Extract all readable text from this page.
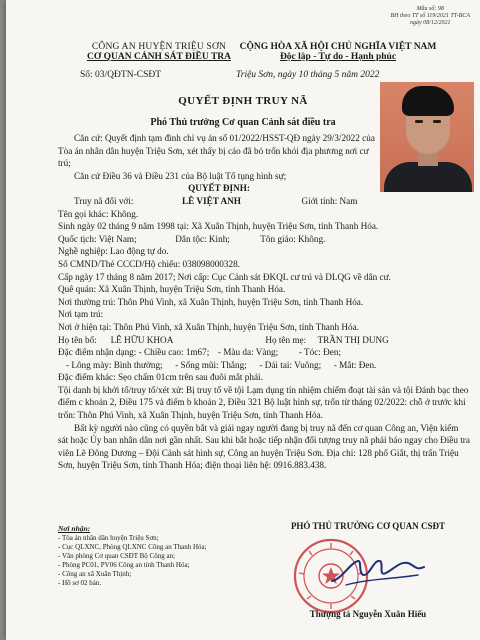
Mẫu số: 98
BH theo TT số 119/2021 TT-BCA
ngày 08/12/2021
CÔNG AN HUYỆN TRIỆU SƠN
CƠ QUAN CẢNH SÁT ĐIỀU TRA
Số: 03/QĐTN-CSĐT
CỘNG HÒA XÃ HỘI CHỦ NGHĨA VIỆT NAM
Độc lập - Tự do - Hạnh phúc
Triệu Sơn, ngày 10 tháng 5 năm 2022
QUYẾT ĐỊNH TRUY NÃ
Phó Thủ trưởng Cơ quan Cảnh sát điều tra

Căn cứ: Quyết định tạm đình chỉ vụ án số 01/2022/HSST-QĐ ngày 29/3/2022 của Tòa án nhân dân huyện Triệu Sơn, xét thấy bị cáo đã bỏ trốn khỏi địa phương nơi cư trú;

Căn cứ Điều 36 và Điều 231 của Bộ luật Tố tụng hình sự;

QUYẾT ĐỊNH:

Truy nã đối với:	LÊ VIỆT ANH	Giới tính: Nam

Tên gọi khác: Không.

Sinh ngày 02 tháng 9 năm 1998 tại: Xã Xuân Thịnh, huyện Triệu Sơn, tỉnh Thanh Hóa.

Quốc tịch: Việt Nam;	Dân tộc: Kinh;	Tôn giáo: Không.

Nghề nghiệp: Lao động tự do.

Số CMND/Thẻ CCCD/Hộ chiếu: 038098000328.

Cấp ngày 17 tháng 8 năm 2017; Nơi cấp: Cục Cảnh sát ĐKQL cư trú và DLQG về dân cư.

Quê quán: Xã Xuân Thịnh, huyện Triệu Sơn, tỉnh Thanh Hóa.

Nơi thường trú: Thôn Phú Vinh, xã Xuân Thịnh, huyện Triệu Sơn, tỉnh Thanh Hóa.

Nơi tạm trú:

Nơi ở hiện tại: Thôn Phú Vinh, xã Xuân Thịnh, huyện Triệu Sơn, tỉnh Thanh Hóa.

Họ tên bố:      LÊ HỮU KHOA	Họ tên mẹ:     TRẦN THỊ DUNG

Đặc điểm nhận dạng: - Chiều cao: 1m67; - Màu da: Vàng; - Tóc: Đen;

- Lông mày: Bình thường; - Sống mũi: Thẳng; - Dái tai: Vuông; - Mắt: Đen.

Đặc điểm khác: Sẹo chấm 01cm trên sau đuôi mắt phải.

Tội danh bị khởi tố/truy tố/xét xử: Bị truy tố về tội Lạm dụng tín nhiệm chiếm đoạt tài sản và tội Đánh bạc theo điểm c khoản 2, Điều 175 và điểm b khoản 2, Điều 321 Bộ luật hình sự, trốn từ tháng 02/2022: chỗ ở trước khi trốn: Thôn Phú Vinh, xã Xuân Thịnh, huyện Triệu Sơn, tỉnh Thanh Hóa.

Bất kỳ người nào cũng có quyền bắt và giải ngay người đang bị truy nã đến cơ quan Công an, Viện kiểm sát hoặc Ủy ban nhân dân nơi gần nhất. Sau khi bắt hoặc tiếp nhận đối tượng truy nã phải báo ngay cho Điều tra viên Lê Đông Dương – Đội Cảnh sát hình sự, Công an huyện Triệu Sơn. Địa chỉ: 128 phố Giắt, thị trấn Triệu Sơn, huyện Triệu Sơn, tỉnh Thanh Hóa; điện thoại liên hệ: 0916.883.438.

Nơi nhận:
- Tòa án nhân dân huyện Triệu Sơn;
- Cục QLXNC, Phòng QLXNC Công an Thanh Hóa;
- Văn phòng Cơ quan CSĐT Bộ Công an;
- Phòng PC01, PV06 Công an tỉnh Thanh Hóa;
- Công an xã Xuân Thịnh;
- Hồ sơ 02 bản.
PHÓ THỦ TRƯỞNG CƠ QUAN CSĐT
Thượng tá Nguyễn Xuân Hiếu
